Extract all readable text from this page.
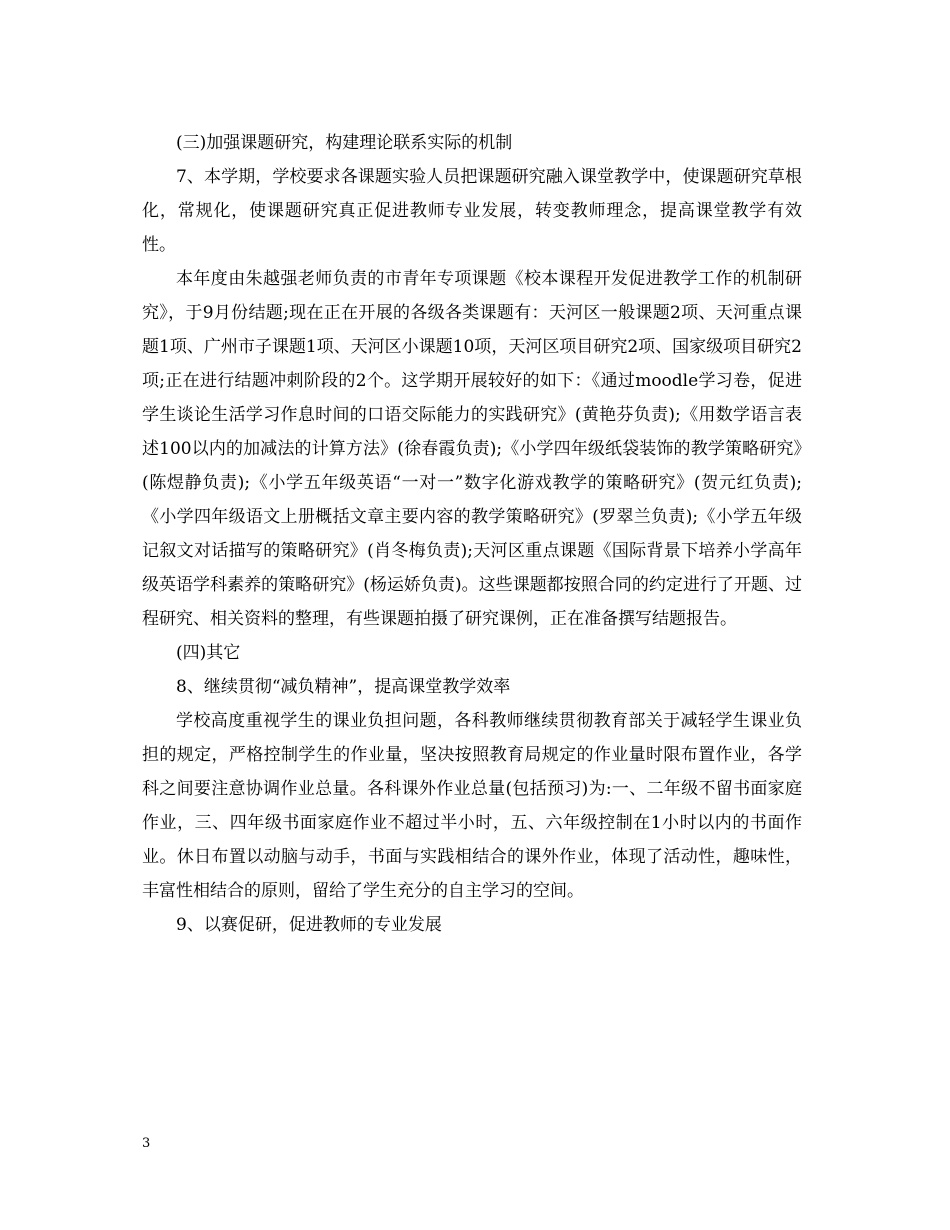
(三)加强课题研究，构建理论联系实际的机制

7、本学期，学校要求各课题实验人员把课题研究融入课堂教学中，使课题研究草根化，常规化，使课题研究真正促进教师专业发展，转变教师理念，提高课堂教学有效性。

本年度由朱越强老师负责的市青年专项课题《校本课程开发促进教学工作的机制研究》，于9月份结题;现在正在开展的各级各类课题有：天河区一般课题2项、天河重点课题1项、广州市子课题1项、天河区小课题10项，天河区项目研究2项、国家级项目研究2项;正在进行结题冲刺阶段的2个。这学期开展较好的如下：《通过moodle学习卷，促进学生谈论生活学习作息时间的口语交际能力的实践研究》(黄艳芬负责);《用数学语言表述100以内的加减法的计算方法》(徐春霞负责);《小学四年级纸袋装饰的教学策略研究》(陈煜静负责);《小学五年级英语“一对一”数字化游戏教学的策略研究》(贺元红负责);《小学四年级语文上册概括文章主要内容的教学策略研究》(罗翠兰负责);《小学五年级记叙文对话描写的策略研究》(肖冬梅负责);天河区重点课题《国际背景下培养小学高年级英语学科素养的策略研究》(杨运娇负责)。这些课题都按照合同的约定进行了开题、过程研究、相关资料的整理，有些课题拍摄了研究课例，正在准备撰写结题报告。

(四)其它

8、继续贯彻“减负精神”，提高课堂教学效率

学校高度重视学生的课业负担问题，各科教师继续贯彻教育部关于减轻学生课业负担的规定，严格控制学生的作业量，坚决按照教育局规定的作业量时限布置作业，各学科之间要注意协调作业总量。各科课外作业总量(包括预习)为:一、二年级不留书面家庭作业，三、四年级书面家庭作业不超过半小时，五、六年级控制在1小时以内的书面作业。休日布置以动脑与动手，书面与实践相结合的课外作业，体现了活动性，趣味性，丰富性相结合的原则，留给了学生充分的自主学习的空间。

9、以赛促研，促进教师的专业发展

3
